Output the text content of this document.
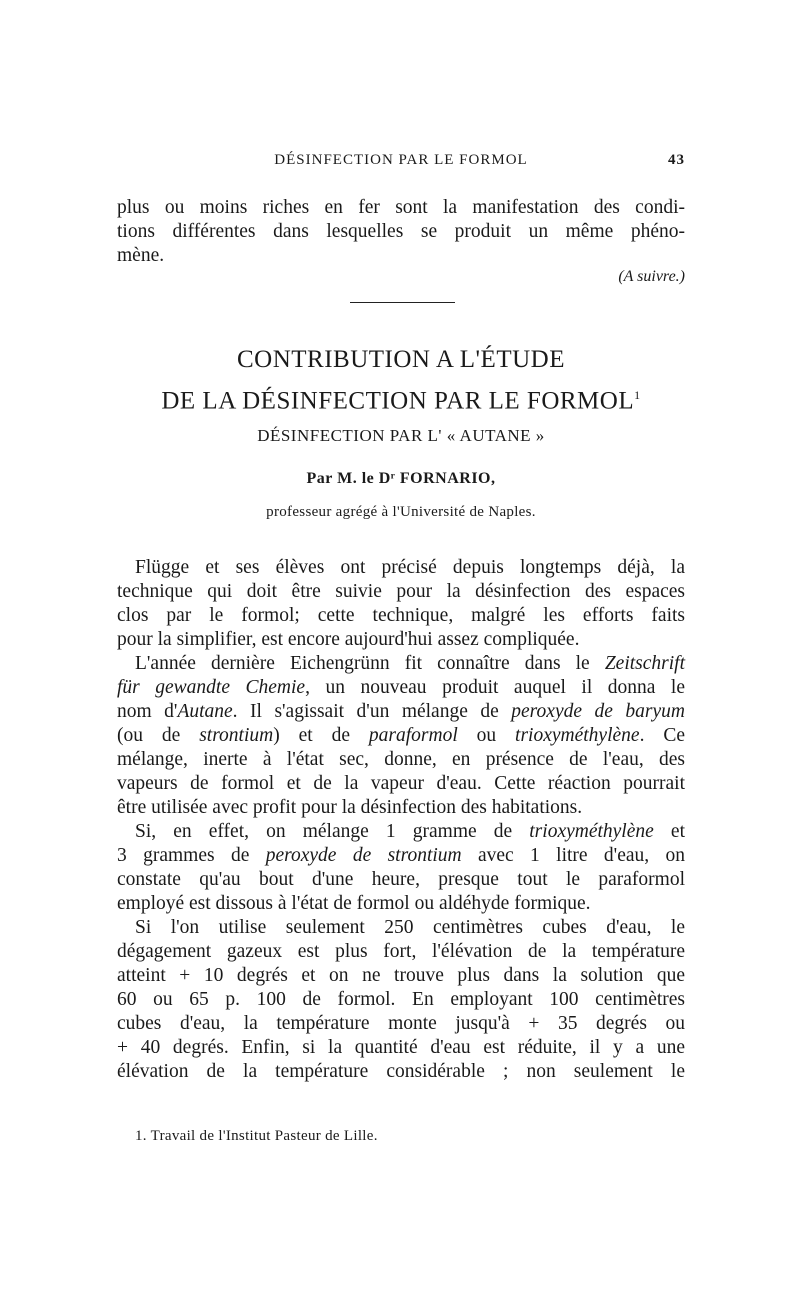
DÉSINFECTION PAR LE FORMOL	43
plus ou moins riches en fer sont la manifestation des condi-
tions différentes dans lesquelles se produit un même phéno-
mène.
(A suivre.)
CONTRIBUTION A L'ÉTUDE
DE LA DÉSINFECTION PAR LE FORMOL$^1$
DÉSINFECTION PAR L' « AUTANE »
Par M. le Dʳ FORNARIO,
professeur agrégé à l'Université de Naples.
Flügge et ses élèves ont précisé depuis longtemps déjà, la
technique qui doit être suivie pour la désinfection des espaces
clos par le formol; cette technique, malgré les efforts faits
pour la simplifier, est encore aujourd'hui assez compliquée.
L'année dernière Eichengrünn fit connaître dans le Zeitschrift
für gewandte Chemie, un nouveau produit auquel il donna le
nom d'Autane. Il s'agissait d'un mélange de peroxyde de baryum
(ou de strontium) et de paraformol ou trioxyméthylène. Ce
mélange, inerte à l'état sec, donne, en présence de l'eau, des
vapeurs de formol et de la vapeur d'eau. Cette réaction pourrait
être utilisée avec profit pour la désinfection des habitations.
Si, en effet, on mélange 1 gramme de trioxyméthylène et
3 grammes de peroxyde de strontium avec 1 litre d'eau, on
constate qu'au bout d'une heure, presque tout le paraformol
employé est dissous à l'état de formol ou aldéhyde formique.
Si l'on utilise seulement 250 centimètres cubes d'eau, le
dégagement gazeux est plus fort, l'élévation de la température
atteint + 10 degrés et on ne trouve plus dans la solution que
60 ou 65 p. 100 de formol. En employant 100 centimètres
cubes d'eau, la température monte jusqu'à + 35 degrés ou
+ 40 degrés. Enfin, si la quantité d'eau est réduite, il y a une
élévation de la température considérable ; non seulement le
1. Travail de l'Institut Pasteur de Lille.
